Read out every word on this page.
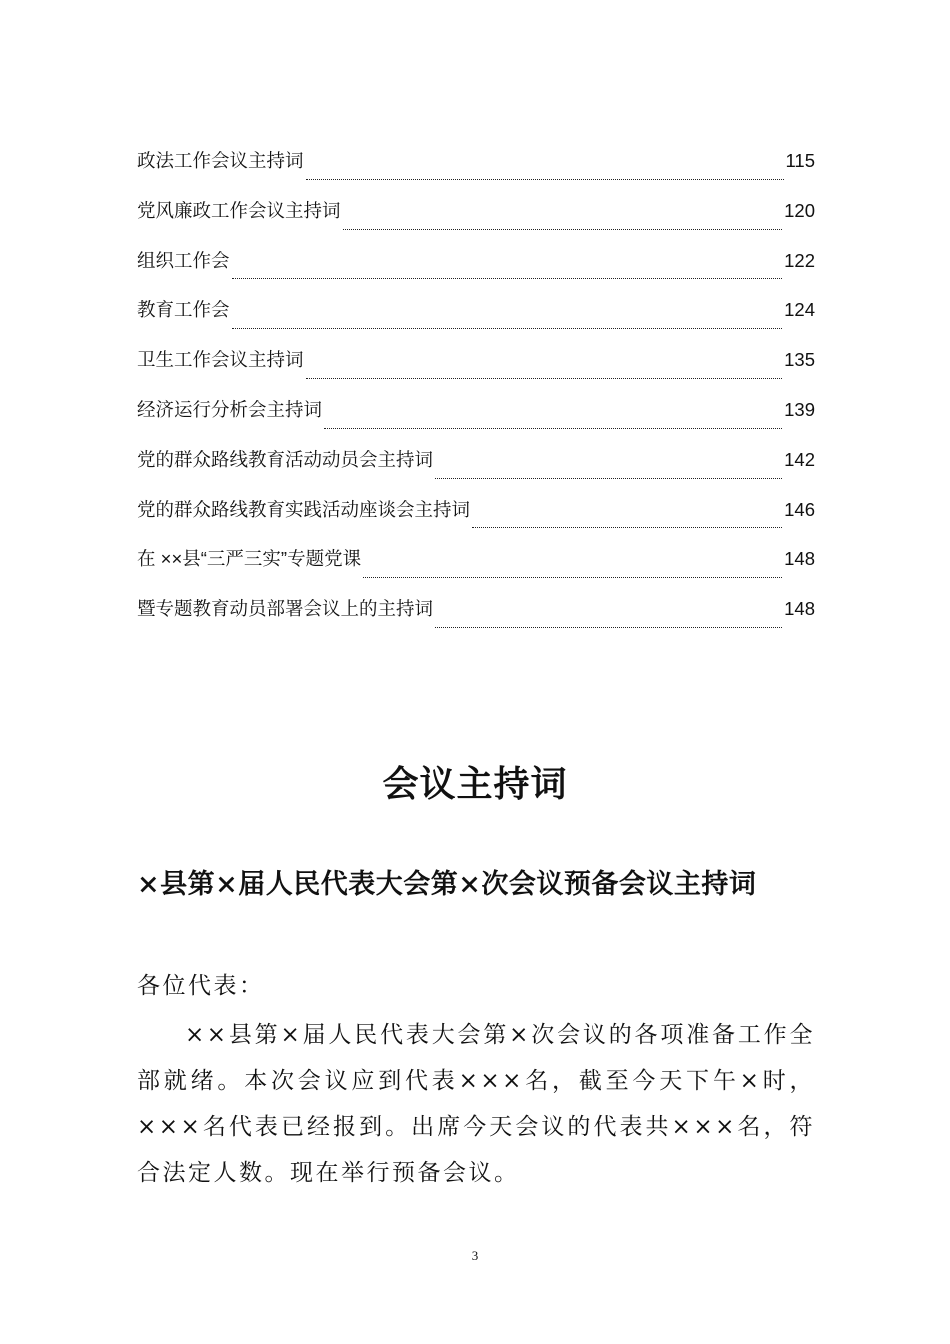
政法工作会议主持词	115
党风廉政工作会议主持词	120
组织工作会	122
教育工作会	124
卫生工作会议主持词	135
经济运行分析会主持词	139
党的群众路线教育活动动员会主持词	142
党的群众路线教育实践活动座谈会主持词	146
在 ××县“三严三实”专题党课	148
暨专题教育动员部署会议上的主持词	148
会议主持词
×县第×届人民代表大会第×次会议预备会议主持词
各位代表：
××县第×届人民代表大会第×次会议的各项准备工作全部就绪。本次会议应到代表×××名，截至今天下午×时，×××名代表已经报到。出席今天会议的代表共×××名，符合法定人数。现在举行预备会议。
3
